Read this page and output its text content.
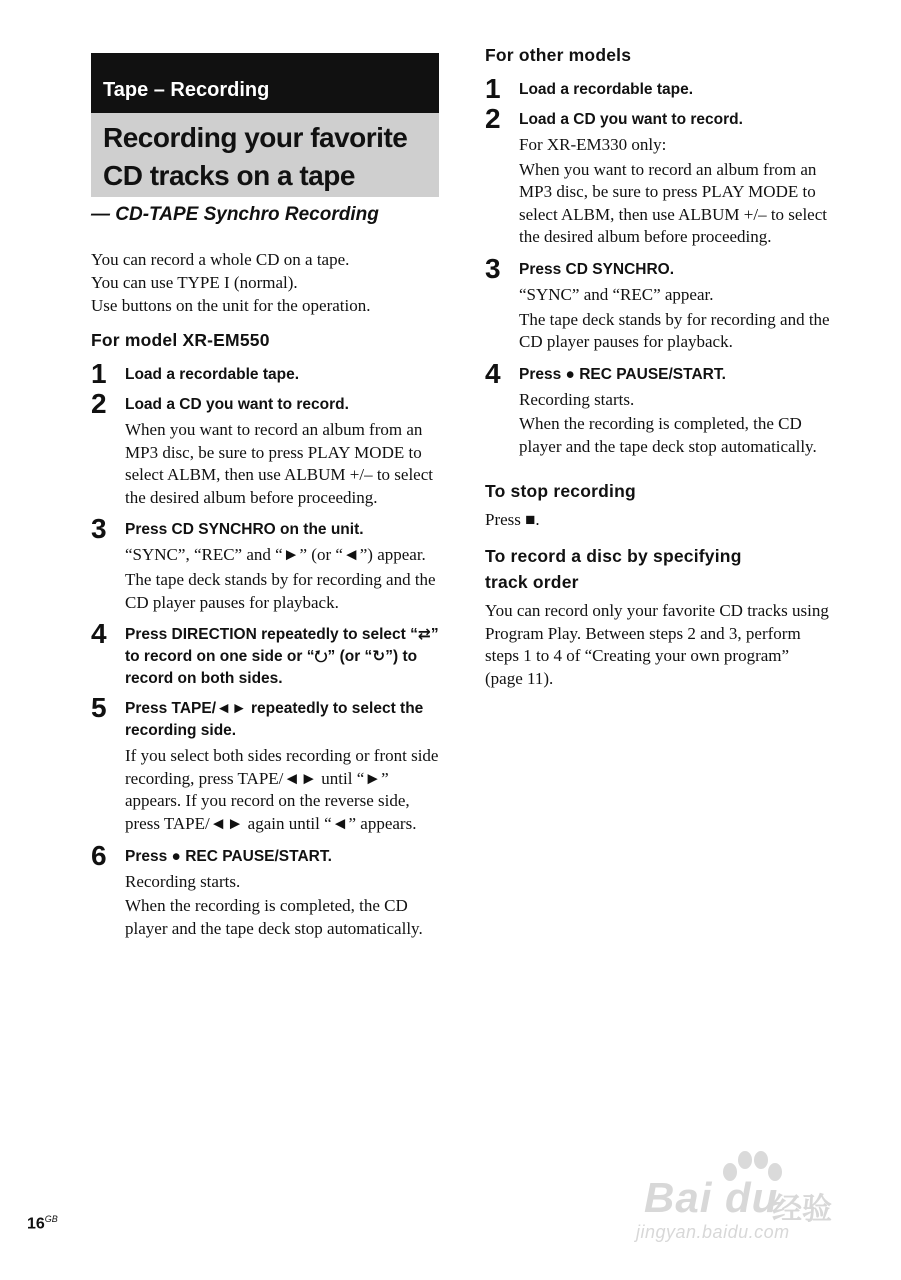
Tape – Recording
Recording your favorite
CD tracks on a tape
— CD-TAPE Synchro Recording

You can record a whole CD on a tape.

You can use TYPE I (normal).

Use buttons on the unit for the operation.

For model XR-EM550
1 Load a recordable tape.
2 Load a CD you want to record.

When you want to record an album from an MP3 disc, be sure to press PLAY MODE to select ALBM, then use ALBUM +/– to select the desired album before proceeding.

3 Press CD SYNCHRO on the unit.

“SYNC”, “REC” and “►” (or “◄”) appear.

The tape deck stands by for recording and the CD player pauses for playback.

4 Press DIRECTION repeatedly to select “⇄” to record on one side or “⭮” (or “↻”) to record on both sides.
5 Press TAPE/◄► repeatedly to select the recording side.

If you select both sides recording or front side recording, press TAPE/◄► until “►” appears. If you record on the reverse side, press TAPE/◄► again until “◄” appears.

6 Press ● REC PAUSE/START.

Recording starts.

When the recording is completed, the CD player and the tape deck stop automatically.

For other models
1 Load a recordable tape.
2 Load a CD you want to record.

For XR-EM330 only:

When you want to record an album from an MP3 disc, be sure to press PLAY MODE to select ALBM, then use ALBUM +/– to select the desired album before proceeding.

3 Press CD SYNCHRO.

“SYNC” and “REC” appear.

The tape deck stands by for recording and the CD player pauses for playback.

4 Press ● REC PAUSE/START.

Recording starts.

When the recording is completed, the CD player and the tape deck stop automatically.

To stop recording
Press ■.
To record a disc by specifying
track order
You can record only your favorite CD tracks using Program Play. Between steps 2 and 3, perform steps 1 to 4 of “Creating your own program” (page 11).
$16^{GB}$	Bai du
经验
jingyan.baidu.com
